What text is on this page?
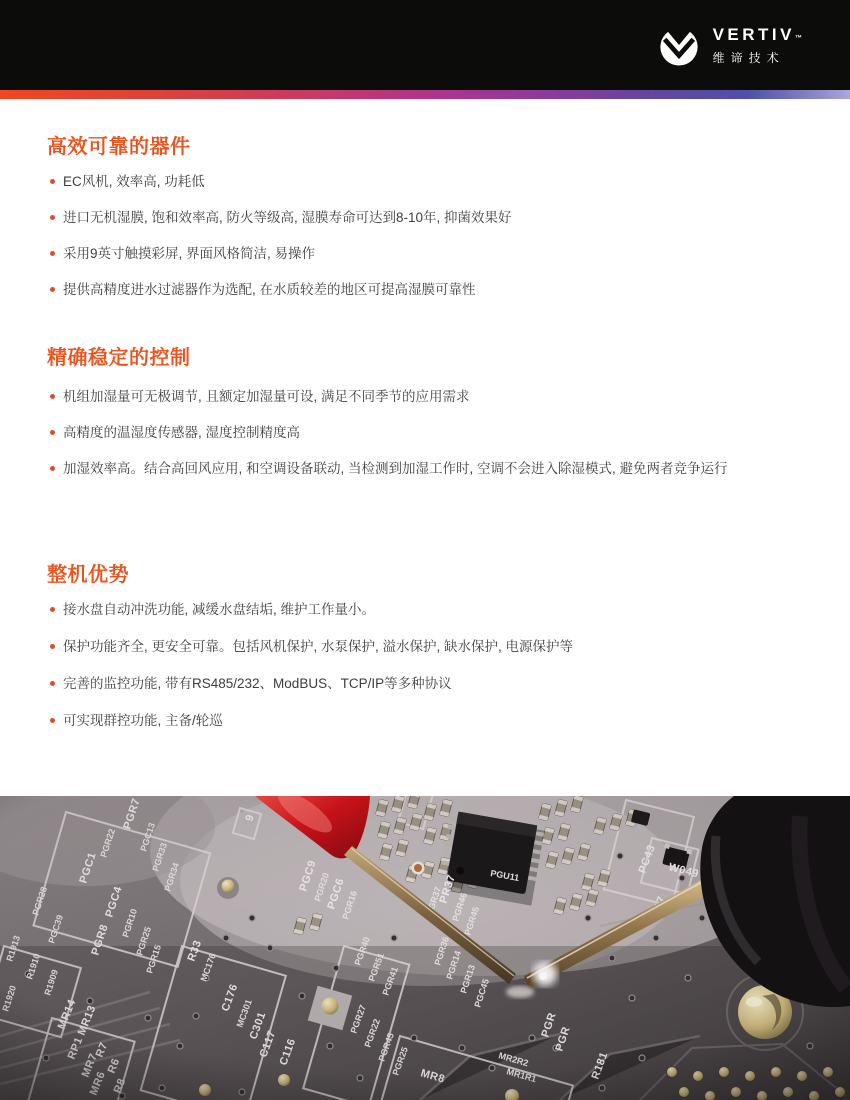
VERTIV™
维谛技术
高效可靠的器件
EC风机, 效率高, 功耗低
进口无机湿膜, 饱和效率高, 防火等级高, 湿膜寿命可达到8-10年, 抑菌效果好
采用9英寸触摸彩屏, 界面风格简洁, 易操作
提供高精度进水过滤器作为选配, 在水质较差的地区可提高湿膜可靠性
精确稳定的控制
机组加湿量可无极调节, 且额定加湿量可设, 满足不同季节的应用需求
高精度的温湿度传感器, 湿度控制精度高
加湿效率高。结合高回风应用, 和空调设备联动, 当检测到加湿工作时, 空调不会进入除湿模式, 避免两者竞争运行
整机优势
接水盘自动冲洗功能, 减缓水盘结垢, 维护工作量小。
保护功能齐全, 更安全可靠。包括风机保护, 水泵保护, 溢水保护, 缺水保护, 电源保护等
完善的监控功能, 带有RS485/232、ModBUS、TCP/IP等多种协议
可实现群控功能, 主备/轮巡
